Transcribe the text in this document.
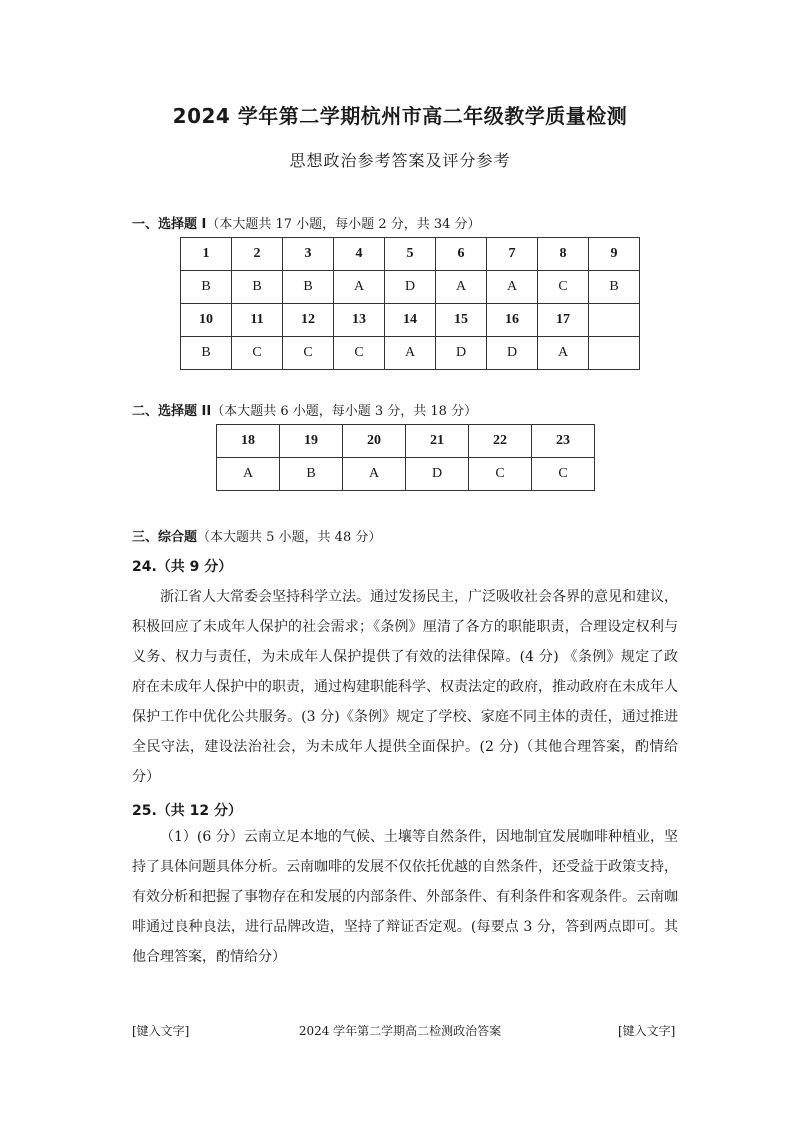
2024 学年第二学期杭州市高二年级教学质量检测
思想政治参考答案及评分参考
一、选择题 I（本大题共 17 小题，每小题 2 分，共 34 分）
1	2	3	4	5	6	7	8	9
B	B	B	A	D	A	A	C	B
10	11	12	13	14	15	16	17	
B	C	C	C	A	D	D	A	
二、选择题 II（本大题共 6 小题，每小题 3 分，共 18 分）
18	19	20	21	22	23
A	B	A	D	C	C
三、综合题（本大题共 5 小题，共 48 分）
24.（共 9 分）
浙江省人大常委会坚持科学立法。通过发扬民主，广泛吸收社会各界的意见和建议，积极回应了未成年人保护的社会需求；《条例》厘清了各方的职能职责，合理设定权利与义务、权力与责任，为未成年人保护提供了有效的法律保障。(4 分) 《条例》规定了政府在未成年人保护中的职责，通过构建职能科学、权责法定的政府，推动政府在未成年人保护工作中优化公共服务。(3 分)《条例》规定了学校、家庭不同主体的责任，通过推进全民守法，建设法治社会，为未成年人提供全面保护。(2 分)（其他合理答案，酌情给分）
25.（共 12 分）
（1）(6 分）云南立足本地的气候、土壤等自然条件，因地制宜发展咖啡种植业，坚持了具体问题具体分析。云南咖啡的发展不仅依托优越的自然条件，还受益于政策支持，有效分析和把握了事物存在和发展的内部条件、外部条件、有利条件和客观条件。云南咖啡通过良种良法，进行品牌改造，坚持了辩证否定观。(每要点 3 分，答到两点即可。其他合理答案，酌情给分）
[键入文字]	2024 学年第二学期高二检测政治答案	[键入文字]
